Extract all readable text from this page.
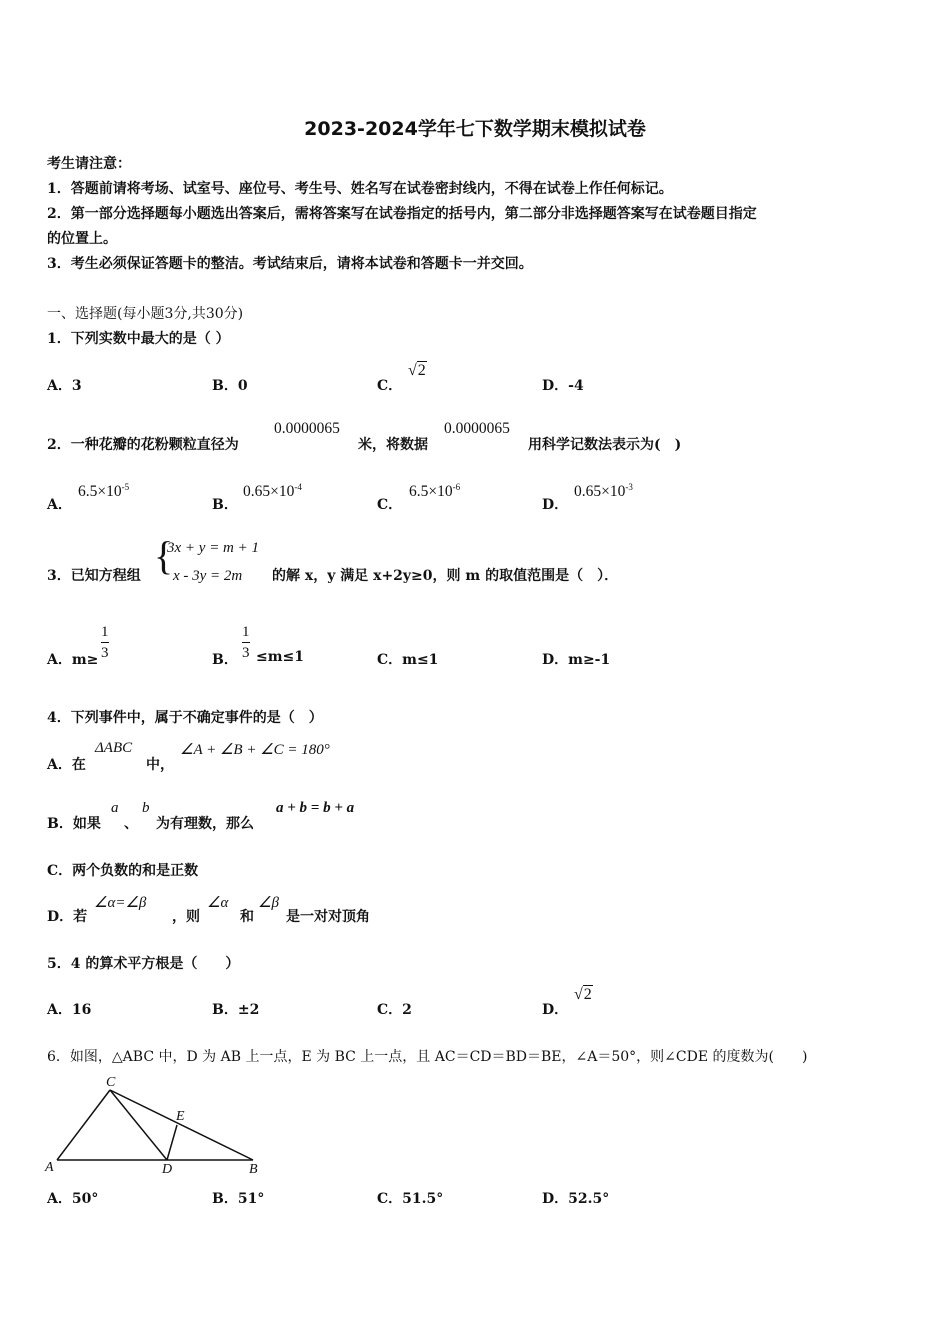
2023-2024学年七下数学期末模拟试卷
考生请注意：
1．答题前请将考场、试室号、座位号、考生号、姓名写在试卷密封线内，不得在试卷上作任何标记。
2．第一部分选择题每小题选出答案后，需将答案写在试卷指定的括号内，第二部分非选择题答案写在试卷题目指定
的位置上。
3．考生必须保证答题卡的整洁。考试结束后，请将本试卷和答题卡一并交回。
一、选择题(每小题3分,共30分)
1．下列实数中最大的是（ ）
A．3	B．0	C．
√2
D．-4
2．一种花瓣的花粉颗粒直径为
0.0000065
米，将数据
0.0000065
用科学记数法表示为(　)
A．
$6.5\times 10^{-5}$
B．
$0.65\times 10^{-4}$
C．
$6.5\times 10^{-6}$
D．
$0.65\times 10^{-3}$
3．已知方程组 {
3x + y = m + 1
x - 3y = 2m 的解 x，y 满足 x+2y≥0，则 m 的取值范围是（　）．
A．m≥
1
3	B．
1
3 ≤m≤1	C．m≤1	D．m≥-1
4．下列事件中，属于不确定事件的是（　）
A．在
ΔABC
中，
∠A + ∠B + ∠C = 180°
B．如果
a
、
b
为有理数，那么
a + b = b + a
C．两个负数的和是正数
D．若
∠α=∠β
，则
∠α
和
∠β
是一对对顶角
5．4 的算术平方根是（　　）
A．16	B．±2	C．2	D．
√2
6．如图，△ABC 中，D 为 AB 上一点，E 为 BC 上一点，且 AC＝CD＝BD＝BE，∠A＝50°，则∠CDE 的度数为(　　)
C
A	D	B
E
A．50°	B．51°	C．51.5°	D．52.5°
